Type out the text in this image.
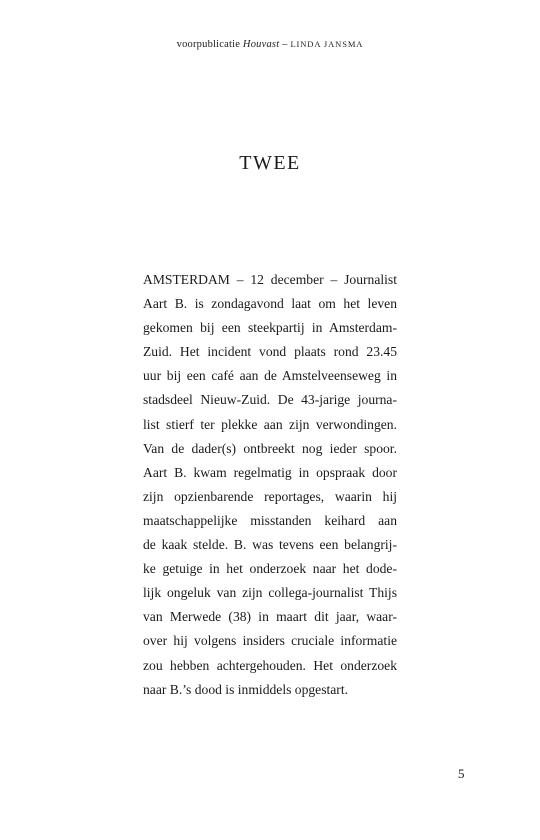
voorpublicatie Houvast – LINDA JANSMA
TWEE
AMSTERDAM – 12 december – Journalist
Aart B. is zondagavond laat om het leven
gekomen bij een steekpartij in Amsterdam-
Zuid. Het incident vond plaats rond 23.45
uur bij een café aan de Amstelveenseweg in
stadsdeel Nieuw-Zuid. De 43-jarige journa-
list stierf ter plekke aan zijn verwondingen.
Van de dader(s) ontbreekt nog ieder spoor.
Aart B. kwam regelmatig in opspraak door
zijn opzienbarende reportages, waarin hij
maatschappelijke misstanden keihard aan
de kaak stelde. B. was tevens een belangrij-
ke getuige in het onderzoek naar het dode-
lijk ongeluk van zijn collega-journalist Thijs
van Merwede (38) in maart dit jaar, waar-
over hij volgens insiders cruciale informatie
zou hebben achtergehouden. Het onderzoek
naar B.’s dood is inmiddels opgestart.
5
